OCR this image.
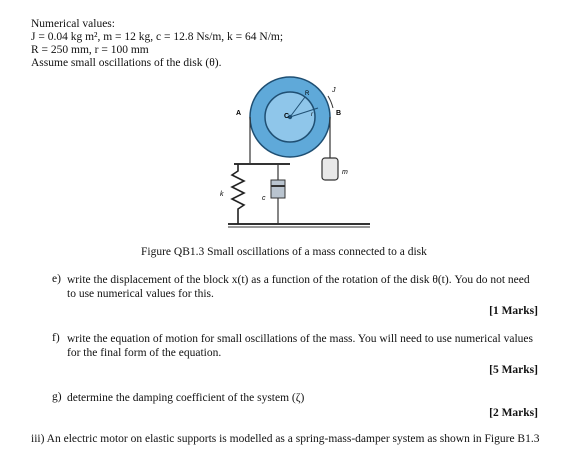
Numerical values:
J = 0.04 kg m², m = 12 kg, c = 12.8 Ns/m, k = 64 N/m;
R = 250 mm, r = 100 mm
Assume small oscillations of the disk (θ).
A	B
C
R
r
J
m
k
c
Figure QB1.3 Small oscillations of a mass connected to a disk
e) write the displacement of the block x(t) as a function of the rotation of the disk θ(t). You do not need to use numerical values for this.
[1 Marks]
f) write the equation of motion for small oscillations of the mass. You will need to use numerical values for the final form of the equation.
[5 Marks]
g) determine the damping coefficient of the system (ζ)
[2 Marks]
iii) An electric motor on elastic supports is modelled as a spring-mass-damper system as shown in Figure B1.3
